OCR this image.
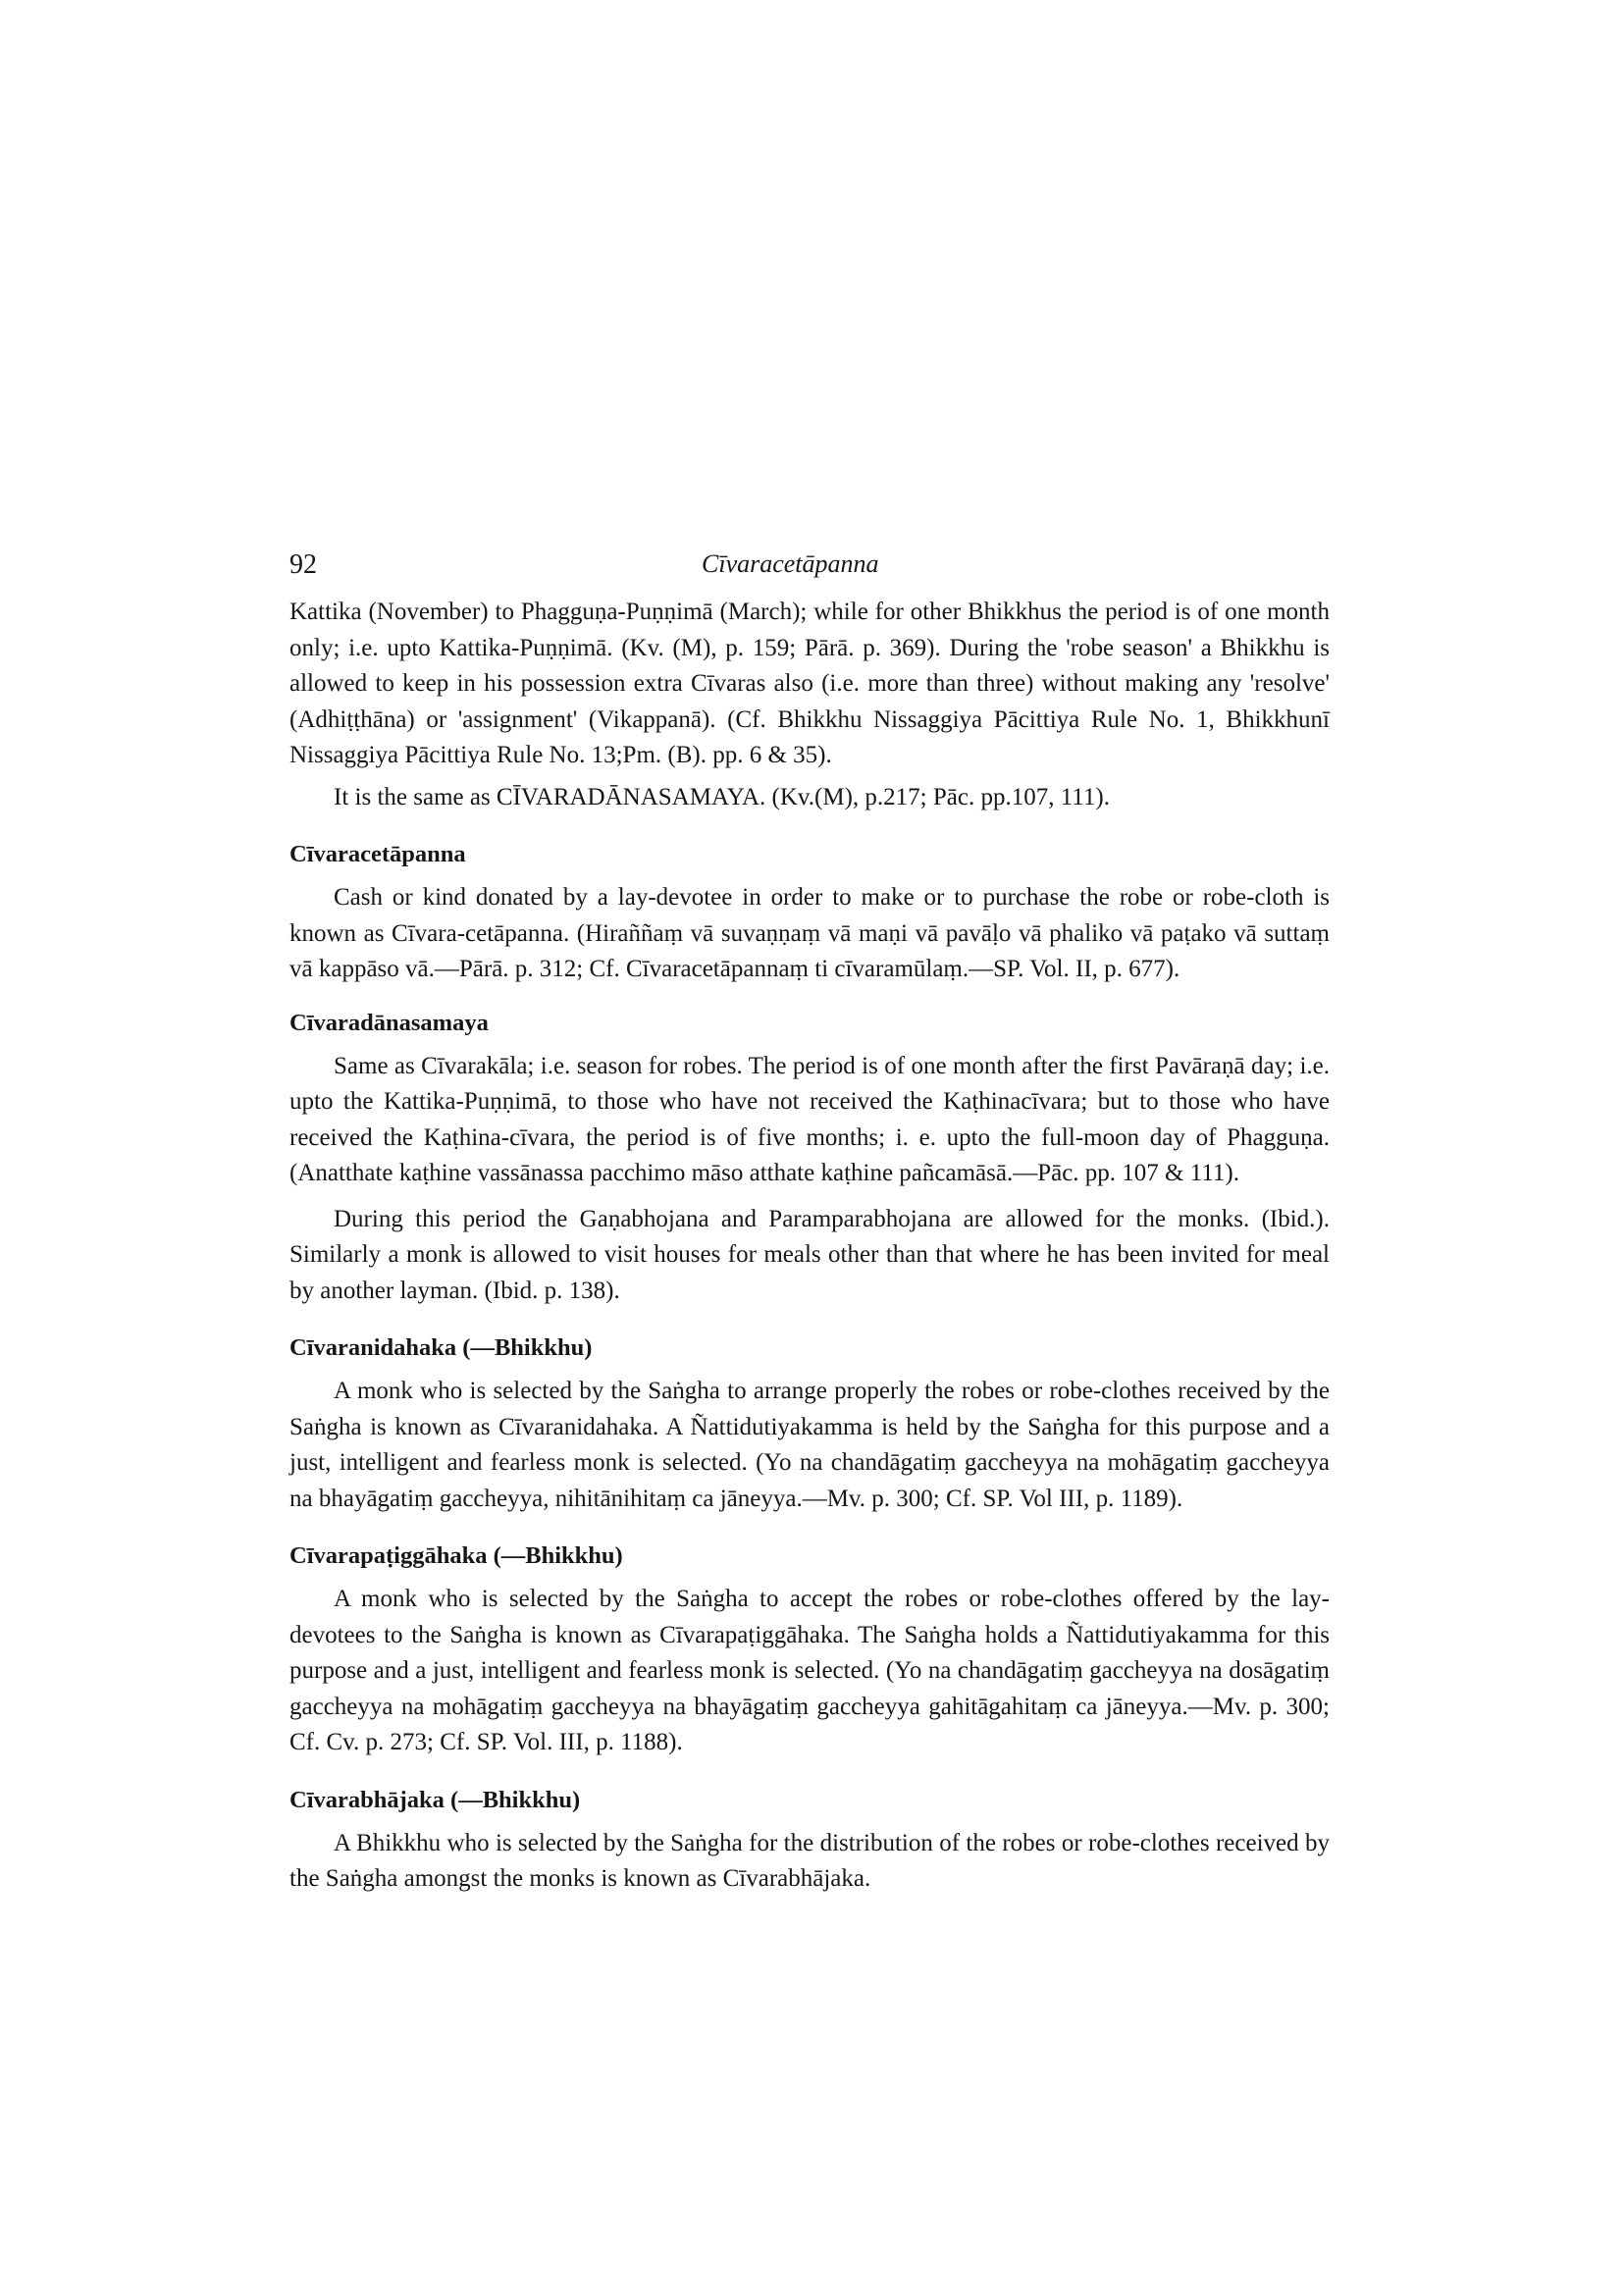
92	Cīvaracetāpanna

Kattika (November) to Phagguṇa-Puṇṇimā (March); while for other Bhikkhus the period is of one month only; i.e. upto Kattika-Puṇṇimā. (Kv. (M), p. 159; Pārā. p. 369). During the 'robe season' a Bhikkhu is allowed to keep in his possession extra Cīvaras also (i.e. more than three) without making any 'resolve' (Adhiṭṭhāna) or 'assignment' (Vikappanā). (Cf. Bhikkhu Nissaggiya Pācittiya Rule No. 1, Bhikkhunī Nissaggiya Pācittiya Rule No. 13;Pm. (B). pp. 6 & 35).

It is the same as CĪVARADĀNASAMAYA. (Kv.(M), p.217; Pāc. pp.107, 111).

Cīvaracetāpanna

Cash or kind donated by a lay-devotee in order to make or to purchase the robe or robe-cloth is known as Cīvara-cetāpanna. (Hiraññaṃ vā suvaṇṇaṃ vā maṇi vā pavāḷo vā phaliko vā paṭako vā suttaṃ vā kappāso vā.—Pārā. p. 312; Cf. Cīvaracetāpannaṃ ti cīvaramūlaṃ.—SP. Vol. II, p. 677).

Cīvaradānasamaya

Same as Cīvarakāla; i.e. season for robes. The period is of one month after the first Pavāraṇā day; i.e. upto the Kattika-Puṇṇimā, to those who have not received the Kaṭhinacīvara; but to those who have received the Kaṭhina-cīvara, the period is of five months; i. e. upto the full-moon day of Phagguṇa. (Anatthate kaṭhine vassānassa pacchimo māso atthate kaṭhine pañcamāsā.—Pāc. pp. 107 & 111).

During this period the Gaṇabhojana and Paramparabhojana are allowed for the monks. (Ibid.). Similarly a monk is allowed to visit houses for meals other than that where he has been invited for meal by another layman. (Ibid. p. 138).

Cīvaranidahaka (—Bhikkhu)

A monk who is selected by the Saṅgha to arrange properly the robes or robe-clothes received by the Saṅgha is known as Cīvaranidahaka. A Ñattidutiyakamma is held by the Saṅgha for this purpose and a just, intelligent and fearless monk is selected. (Yo na chandāgatiṃ gaccheyya na mohāgatiṃ gaccheyya na bhayāgatiṃ gaccheyya, nihitānihitaṃ ca jāneyya.—Mv. p. 300; Cf. SP. Vol III, p. 1189).

Cīvarapaṭiggāhaka (—Bhikkhu)

A monk who is selected by the Saṅgha to accept the robes or robe-clothes offered by the lay-devotees to the Saṅgha is known as Cīvarapaṭiggāhaka. The Saṅgha holds a Ñattidutiyakamma for this purpose and a just, intelligent and fearless monk is selected. (Yo na chandāgatiṃ gaccheyya na dosāgatiṃ gaccheyya na mohāgatiṃ gaccheyya na bhayāgatiṃ gaccheyya gahitāgahitaṃ ca jāneyya.—Mv. p. 300; Cf. Cv. p. 273; Cf. SP. Vol. III, p. 1188).

Cīvarabhājaka (—Bhikkhu)

A Bhikkhu who is selected by the Saṅgha for the distribution of the robes or robe-clothes received by the Saṅgha amongst the monks is known as Cīvarabhājaka.
